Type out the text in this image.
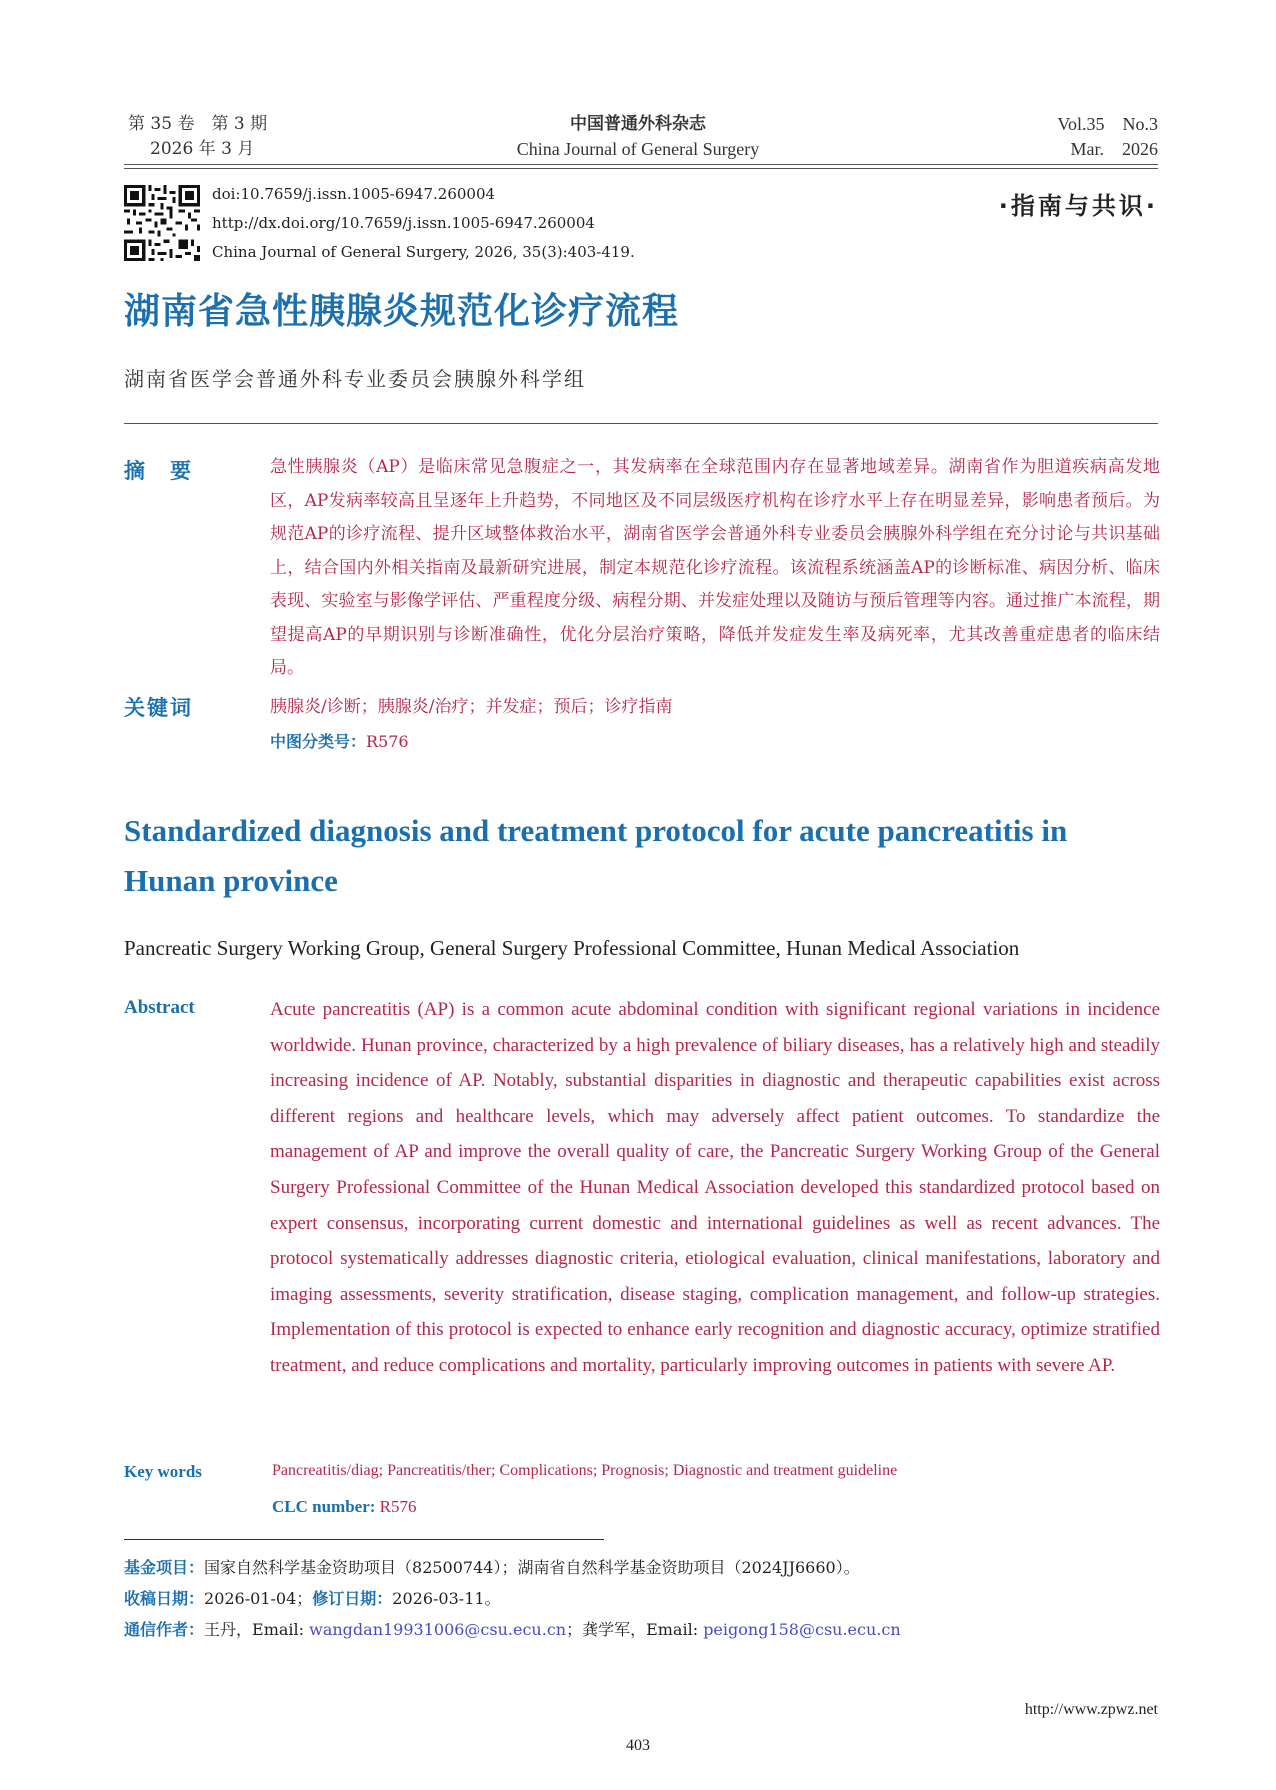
第 35 卷　第 3 期
2026 年 3 月
中国普通外科杂志
China Journal of General Surgery
Vol.35　No.3
Mar.　2026
doi:10.7659/j.issn.1005-6947.260004
http://dx.doi.org/10.7659/j.issn.1005-6947.260004
China Journal of General Surgery, 2026, 35(3):403-419.
·指南与共识·
湖南省急性胰腺炎规范化诊疗流程
湖南省医学会普通外科专业委员会胰腺外科学组
摘　要	急性胰腺炎（AP）是临床常见急腹症之一，其发病率在全球范围内存在显著地域差异。湖南省作为胆道疾病高发地区，AP发病率较高且呈逐年上升趋势，不同地区及不同层级医疗机构在诊疗水平上存在明显差异，影响患者预后。为规范AP的诊疗流程、提升区域整体救治水平，湖南省医学会普通外科专业委员会胰腺外科学组在充分讨论与共识基础上，结合国内外相关指南及最新研究进展，制定本规范化诊疗流程。该流程系统涵盖AP的诊断标准、病因分析、临床表现、实验室与影像学评估、严重程度分级、病程分期、并发症处理以及随访与预后管理等内容。通过推广本流程，期望提高AP的早期识别与诊断准确性，优化分层治疗策略，降低并发症发生率及病死率，尤其改善重症患者的临床结局。
关键词	胰腺炎/诊断；胰腺炎/治疗；并发症；预后；诊疗指南
中图分类号：R576
Standardized diagnosis and treatment protocol for acute pancreatitis in Hunan province
Pancreatic Surgery Working Group, General Surgery Professional Committee, Hunan Medical Association
Abstract	Acute pancreatitis (AP) is a common acute abdominal condition with significant regional variations in incidence worldwide. Hunan province, characterized by a high prevalence of biliary diseases, has a relatively high and steadily increasing incidence of AP. Notably, substantial disparities in diagnostic and therapeutic capabilities exist across different regions and healthcare levels, which may adversely affect patient outcomes. To standardize the management of AP and improve the overall quality of care, the Pancreatic Surgery Working Group of the General Surgery Professional Committee of the Hunan Medical Association developed this standardized protocol based on expert consensus, incorporating current domestic and international guidelines as well as recent advances. The protocol systematically addresses diagnostic criteria, etiological evaluation, clinical manifestations, laboratory and imaging assessments, severity stratification, disease staging, complication management, and follow-up strategies. Implementation of this protocol is expected to enhance early recognition and diagnostic accuracy, optimize stratified treatment, and reduce complications and mortality, particularly improving outcomes in patients with severe AP.
Key words	Pancreatitis/diag; Pancreatitis/ther; Complications; Prognosis; Diagnostic and treatment guideline
CLC number: R576
基金项目：国家自然科学基金资助项目（82500744）；湖南省自然科学基金资助项目（2024JJ6660）。
收稿日期：2026-01-04；修订日期：2026-03-11。
通信作者：王丹，Email: wangdan19931006@csu.ecu.cn；龚学军，Email: peigong158@csu.ecu.cn
http://www.zpwz.net
403
